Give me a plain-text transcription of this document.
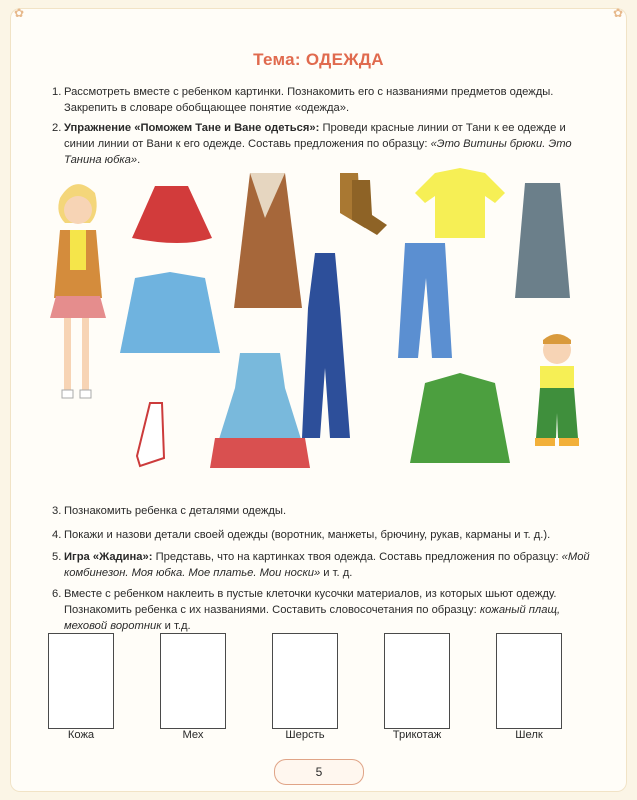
✿	✿
Тема: ОДЕЖДА
1. Рассмотреть вместе с ребенком картинки. Познакомить его с названиями предметов одежды. Закрепить в словаре обобщающее понятие «одежда».
2. Упражнение «Поможем Тане и Ване одеться»: Проведи красные линии от Тани к ее одежде и синии линии от Вани к его одежде. Составь предложения по образцу: «Это Витины брюки. Это Танина юбка».
3. Познакомить ребенка с деталями одежды.
4. Покажи и назови детали своей одежды (воротник, манжеты, брючину, рукав, карманы и т. д.).
5. Игра «Жадина»: Представь, что на картинках твоя одежда. Составь предложения по образцу: «Мой комбинезон. Моя юбка. Мое платье. Мои носки» и т. д.
6. Вместе с ребенком наклеить в пустые клеточки кусочки материалов, из которых шьют одежду. Познакомить ребенка с их названиями. Составить словосочетания по образцу: кожаный плащ, меховой воротник и т.д.
Кожа	Мех	Шерсть	Трикотаж	Шелк
5
